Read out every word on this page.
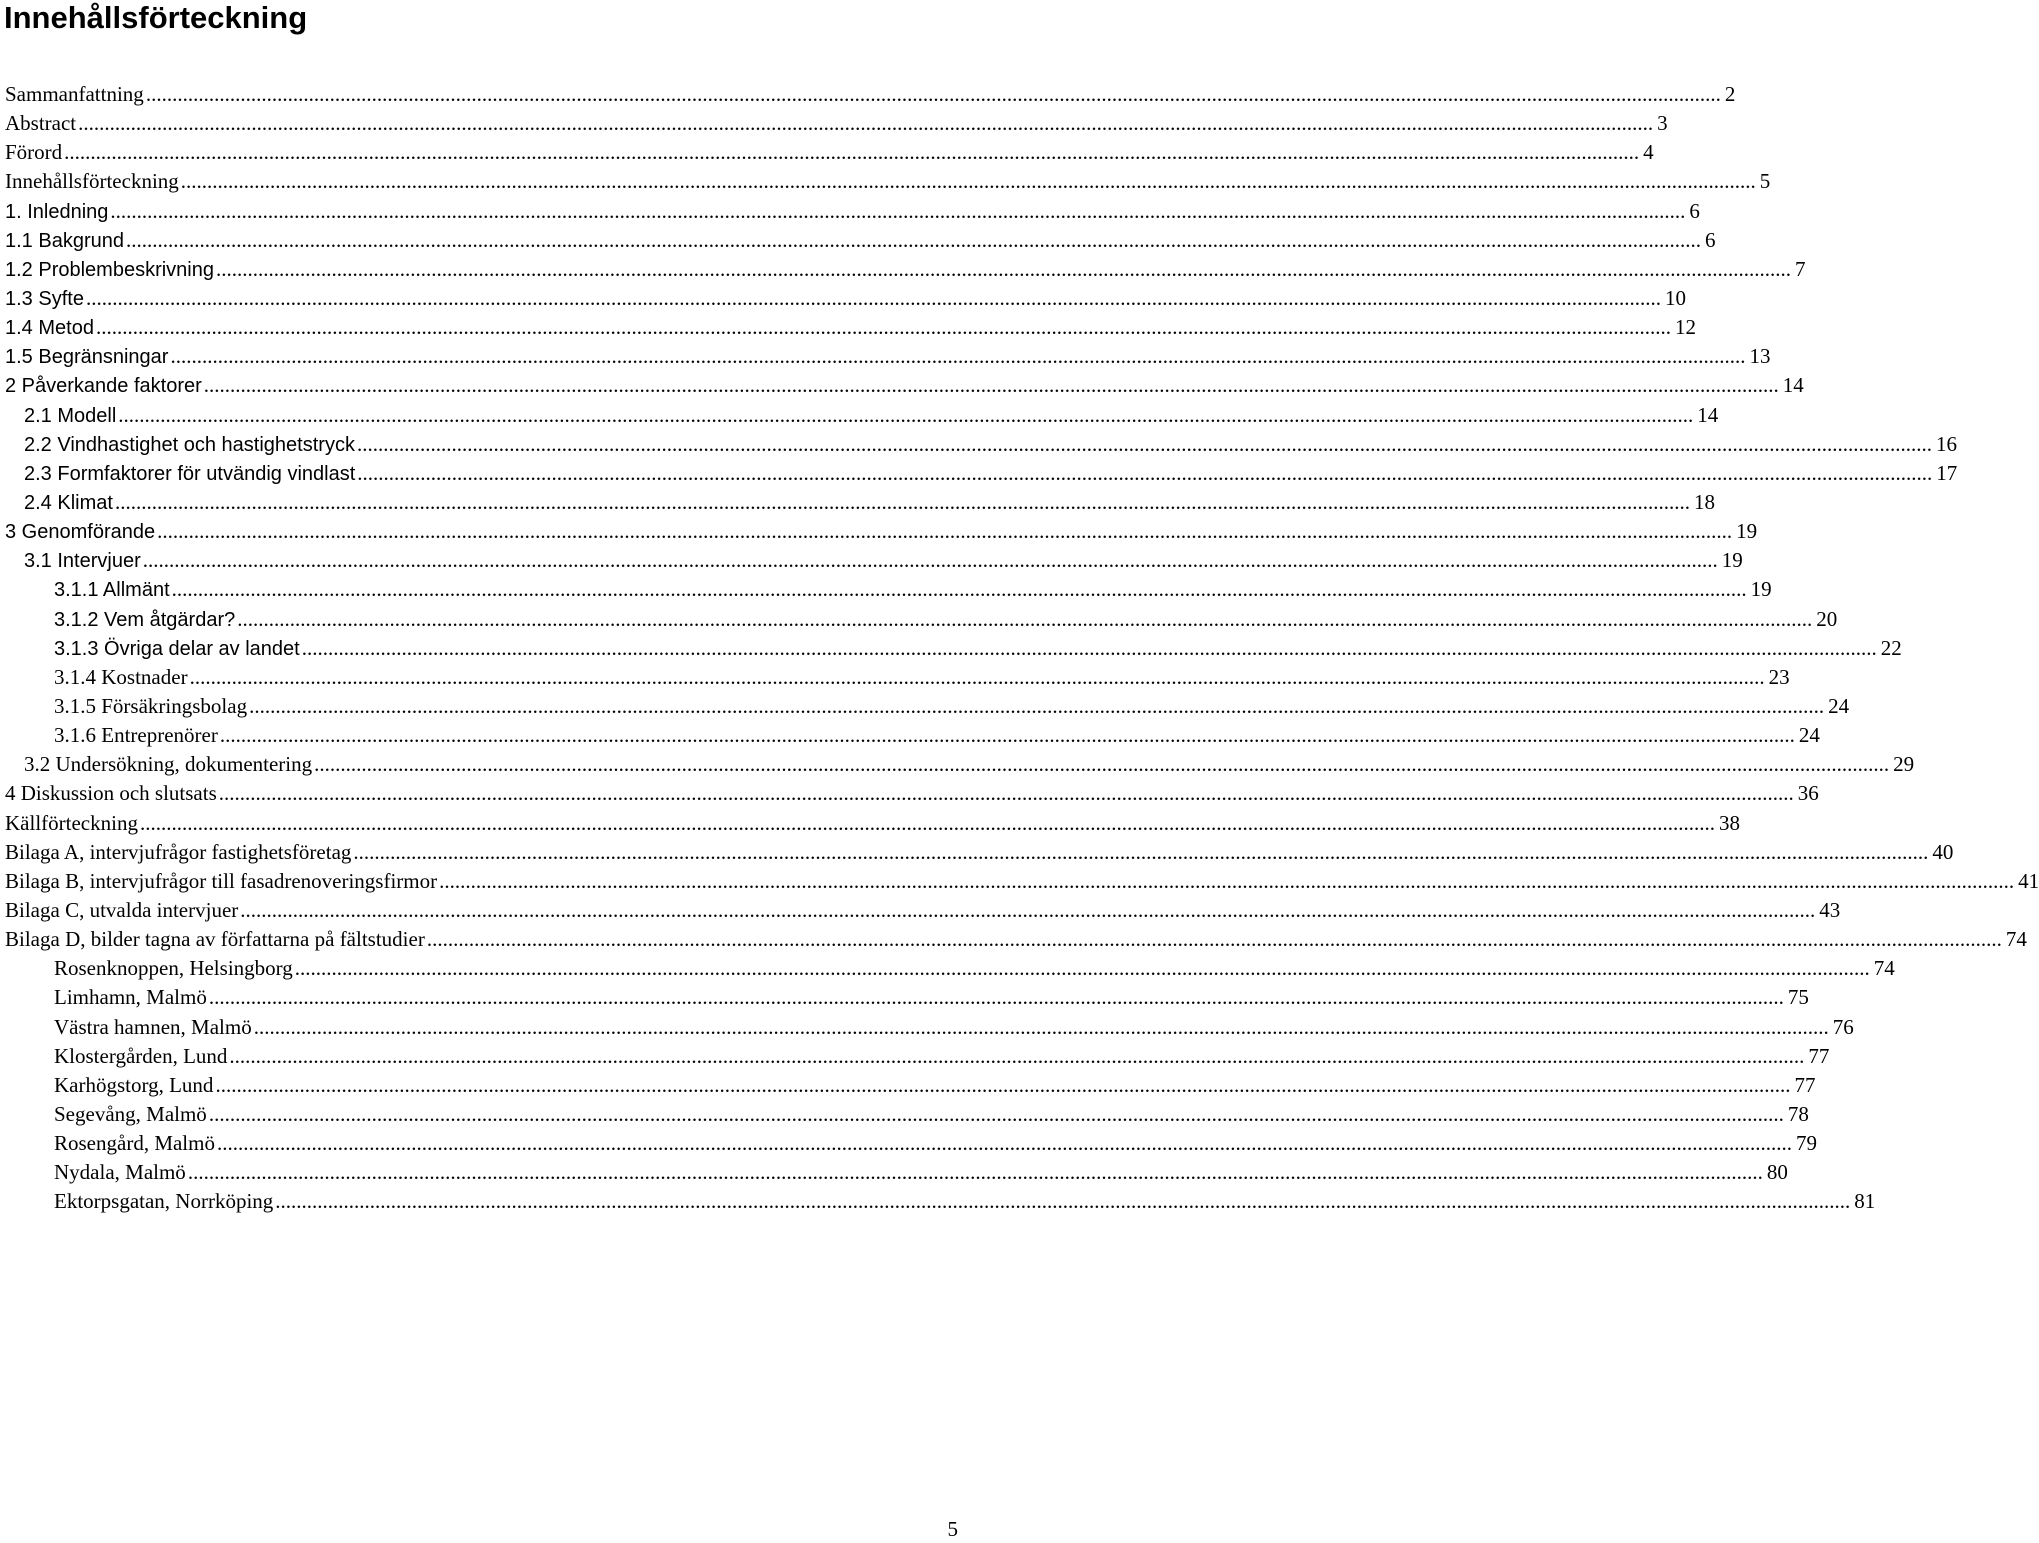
Innehållsförteckning
Sammanfattning ............................................................................................................................................................................................................................................................................................................ 2
Abstract ............................................................................................................................................................................................................................................................................................................ 3
Förord ............................................................................................................................................................................................................................................................................................................ 4
Innehållsförteckning ............................................................................................................................................................................................................................................................................................................ 5
1. Inledning ............................................................................................................................................................................................................................................................................................................ 6
1.1 Bakgrund ............................................................................................................................................................................................................................................................................................................ 6
1.2 Problembeskrivning ............................................................................................................................................................................................................................................................................................................ 7
1.3 Syfte ............................................................................................................................................................................................................................................................................................................ 10
1.4 Metod ............................................................................................................................................................................................................................................................................................................ 12
1.5 Begränsningar ............................................................................................................................................................................................................................................................................................................ 13
2 Påverkande faktorer ............................................................................................................................................................................................................................................................................................................ 14
2.1 Modell ............................................................................................................................................................................................................................................................................................................ 14
2.2 Vindhastighet och hastighetstryck ............................................................................................................................................................................................................................................................................................................ 16
2.3 Formfaktorer för utvändig vindlast ............................................................................................................................................................................................................................................................................................................ 17
2.4 Klimat ............................................................................................................................................................................................................................................................................................................ 18
3 Genomförande ............................................................................................................................................................................................................................................................................................................ 19
3.1 Intervjuer ............................................................................................................................................................................................................................................................................................................ 19
3.1.1 Allmänt ............................................................................................................................................................................................................................................................................................................ 19
3.1.2 Vem åtgärdar? ............................................................................................................................................................................................................................................................................................................ 20
3.1.3 Övriga delar av landet ............................................................................................................................................................................................................................................................................................................ 22
3.1.4 Kostnader ............................................................................................................................................................................................................................................................................................................ 23
3.1.5 Försäkringsbolag ............................................................................................................................................................................................................................................................................................................ 24
3.1.6 Entreprenörer ............................................................................................................................................................................................................................................................................................................ 24
3.2 Undersökning, dokumentering ............................................................................................................................................................................................................................................................................................................ 29
4 Diskussion och slutsats ............................................................................................................................................................................................................................................................................................................ 36
Källförteckning ............................................................................................................................................................................................................................................................................................................ 38
Bilaga A, intervjufrågor fastighetsföretag ............................................................................................................................................................................................................................................................................................................ 40
Bilaga B, intervjufrågor till fasadrenoveringsfirmor ............................................................................................................................................................................................................................................................................................................ 41
Bilaga C, utvalda intervjuer ............................................................................................................................................................................................................................................................................................................ 43
Bilaga D, bilder tagna av författarna på fältstudier ............................................................................................................................................................................................................................................................................................................ 74
Rosenknoppen, Helsingborg ............................................................................................................................................................................................................................................................................................................ 74
Limhamn, Malmö ............................................................................................................................................................................................................................................................................................................ 75
Västra hamnen, Malmö ............................................................................................................................................................................................................................................................................................................ 76
Klostergården, Lund ............................................................................................................................................................................................................................................................................................................ 77
Karhögstorg, Lund ............................................................................................................................................................................................................................................................................................................ 77
Segevång, Malmö ............................................................................................................................................................................................................................................................................................................ 78
Rosengård, Malmö ............................................................................................................................................................................................................................................................................................................ 79
Nydala, Malmö ............................................................................................................................................................................................................................................................................................................ 80
Ektorpsgatan, Norrköping ............................................................................................................................................................................................................................................................................................................ 81
5
